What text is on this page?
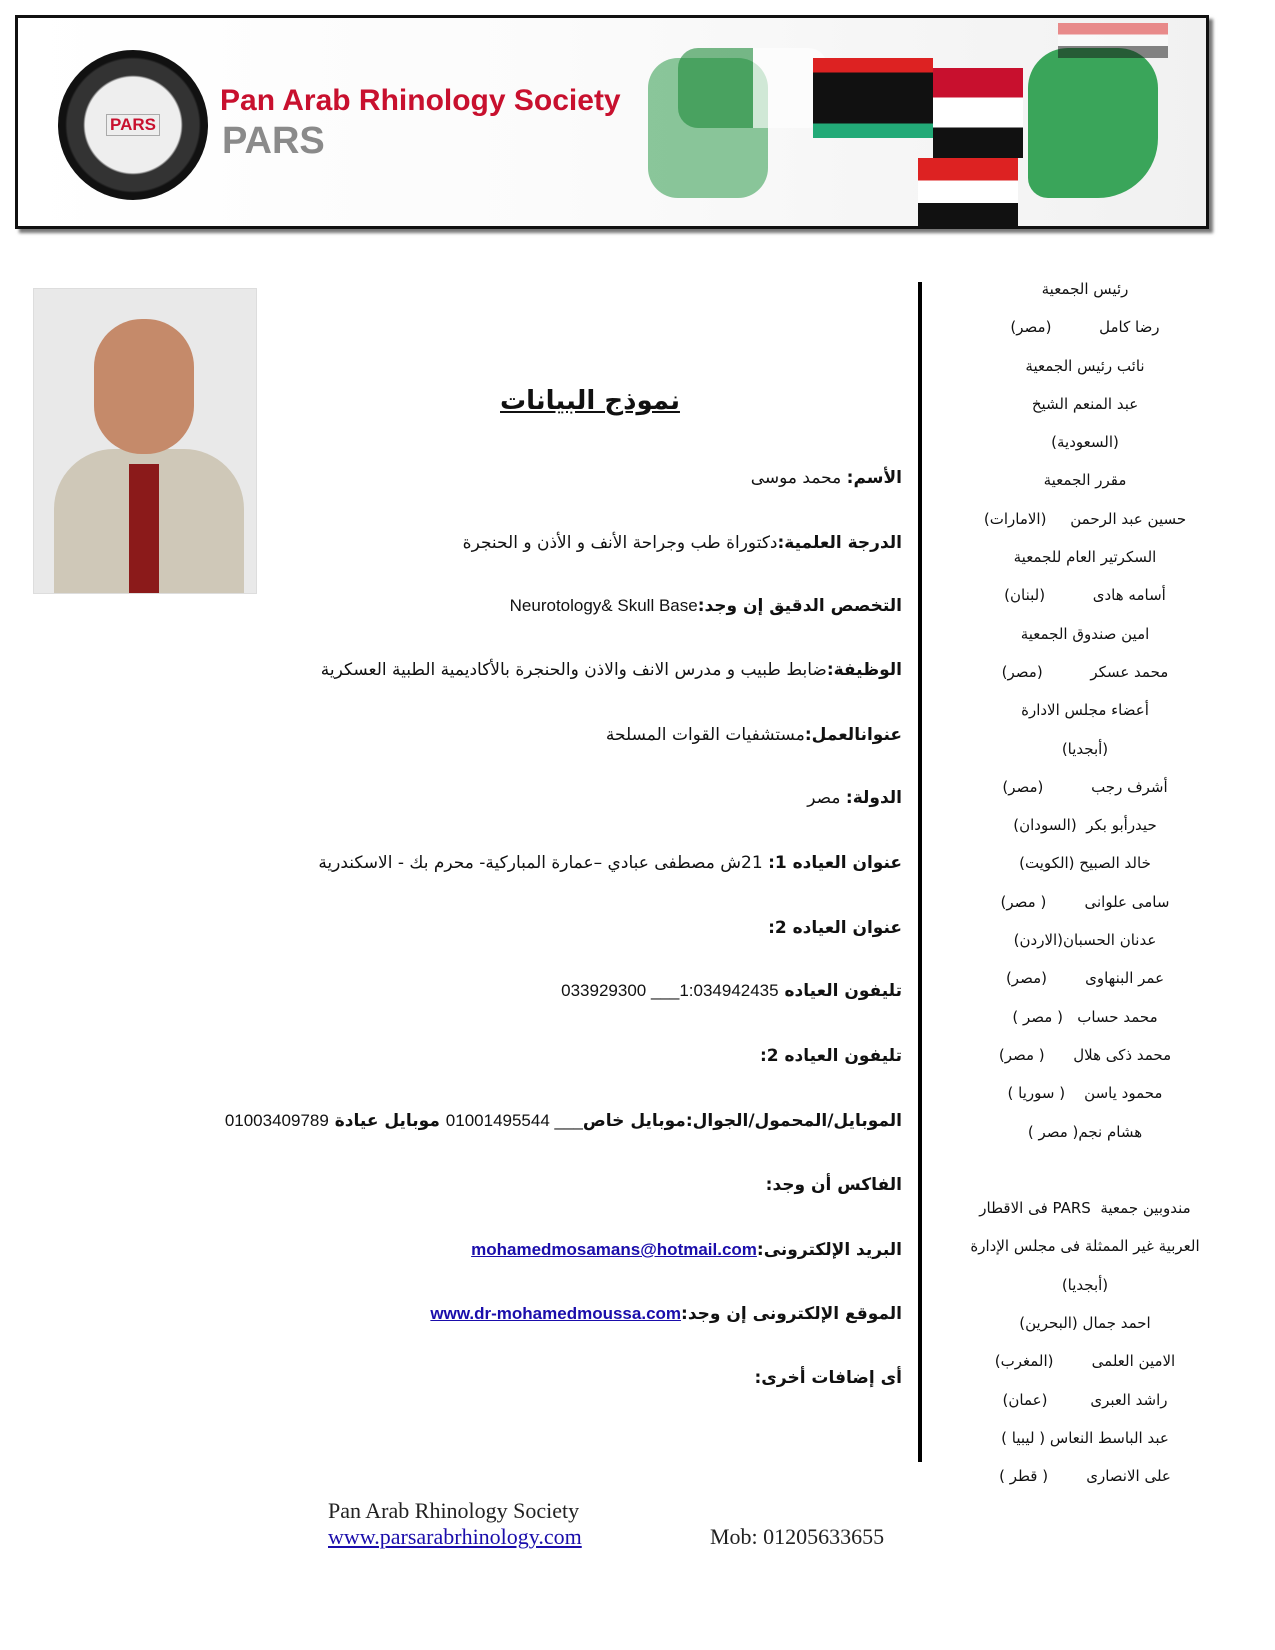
PARS
Pan Arab Rhinology Society
PARS
نموذج البيانات
الأسم: محمد موسى
الدرجة العلمية:دكتوراة طب وجراحة الأنف و الأذن و الحنجرة
التخصص الدقيق إن وجد:Neurotology& Skull Base
الوظيفة:ضابط طبيب و مدرس الانف والاذن والحنجرة بالأكاديمية الطبية العسكرية
عنوانالعمل:مستشفيات القوات المسلحة
الدولة: مصر
عنوان العياده 1: 21ش مصطفى عبادي –عمارة المباركية- محرم بك - الاسكندرية
عنوان العياده 2:
تليفون العياده 033929300 ___1:034942435
تليفون العياده 2:
الموبايل/المحمول/الجوال:موبايل خاص01001495544 ___ موبايل عيادة 01003409789
الفاكس أن وجد:
البريد الإلكترونى:mohamedmosamans@hotmail.com
الموقع الإلكترونى إن وجد:www.dr-mohamedmoussa.com
أى إضافات أخرى:
رئيس الجمعية
رضا كامل          (مصر)
نائب رئيس الجمعية
عبد المنعم الشيخ
(السعودية)
مقرر الجمعية
حسين عبد الرحمن     (الامارات)
السكرتير العام للجمعية
أسامه هادى          (لبنان)
امين صندوق الجمعية
محمد عسكر          (مصر)
أعضاء مجلس الادارة
(أبجديا)
أشرف رجب          (مصر)
حيدرأبو بكر  (السودان)
خالد الصبيح (الكويت)
سامى علوانى        ( مصر)
عدنان الحسبان(الاردن)
عمر البنهاوى        (مصر)
محمد حساب   ( مصر )
محمد ذكى هلال      ( مصر)
محمود ياسن    ( سوريا )
هشام نجم( مصر )
مندوبين جمعية  PARS فى الاقطار
العربية غير الممثلة فى مجلس الإدارة
(أبجديا)
احمد جمال (البحرين)
الامين العلمى        (المغرب)
راشد العبرى         (عمان)
عبد الباسط النعاس ( ليبيا )
على الانصارى        ( قطر )
Pan Arab Rhinology Society
www.parsarabrhinology.com	Mob: 01205633655
